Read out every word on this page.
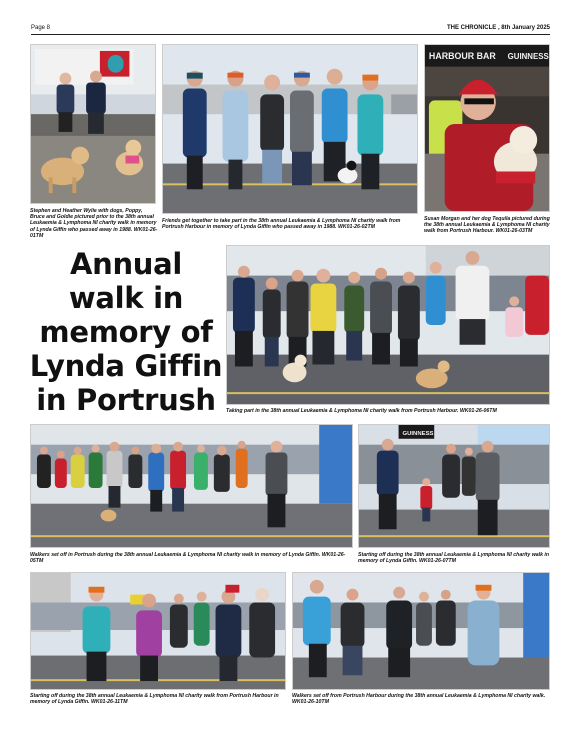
Page 8	THE CHRONICLE , 8th January 2025
Stephen and Heather Wylie with dogs, Poppy, Bruce and Goldie pictured prior to the 38th annual Leukaemia & Lymphoma NI charity walk in memory of Lynda Giffin who passed away in 1988. WK01-26-01TM
Friends get together to take part in the 38th annual Leukaemia & Lymphoma NI charity walk from Portrush Harbour in memory of Lynda Giffin who passed away in 1988. WK01-26-02TM
HARBOUR BAR GUINNESS
Susan Morgan and her dog Tequila pictured during the 38th annual Leukaemia & Lymphoma NI charity walk from Portrush Harbour. WK01-26-03TM
Annual walk in memory of Lynda Giffin in Portrush	Taking part in the 38th annual Leukaemia & Lymphoma NI charity walk from Portrush Harbour. WK01-26-06TM
Walkers set off in Portrush during the 38th annual Leukaemia & Lymphoma NI charity walk in memory of Lynda Giffin. WK01-26-05TM
GUINNESS
Starting off during the 38th annual Leukaemia & Lymphoma NI charity walk in memory of Lynda Giffin. WK01-26-07TM
Starting off during the 38th annual Leukaemia & Lymphoma NI charity walk from Portrush Harbour in memory of Lynda Giffin. WK01-26-11TM
Walkers set off from Portrush Harbour during the 38th annual Leukaemia & Lymphoma NI charity walk. WK01-26-10TM
